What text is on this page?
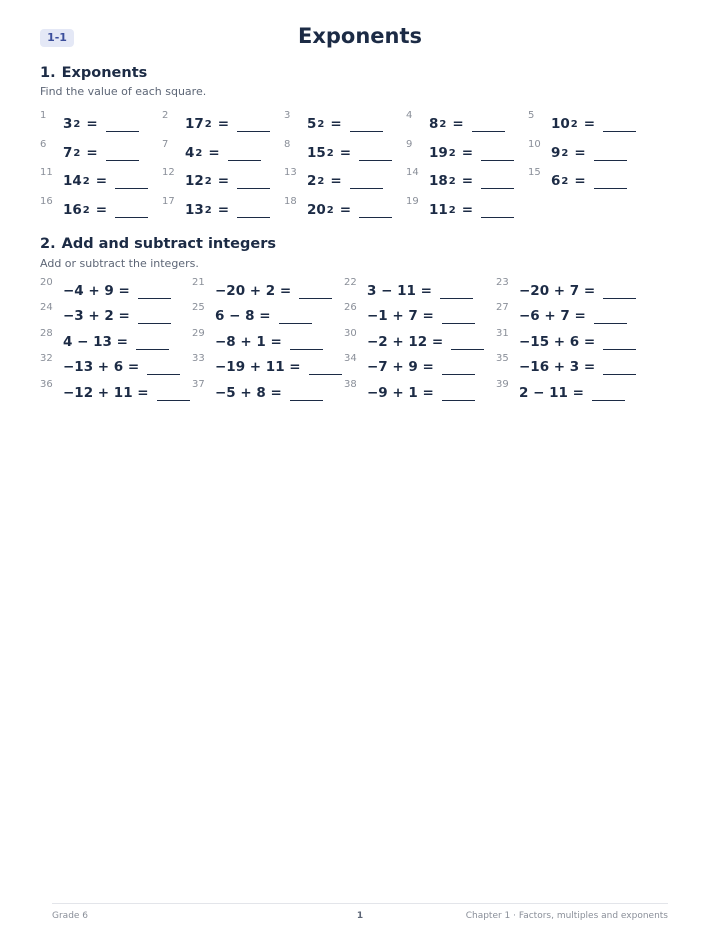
1-1	Exponents
1. Exponents
Find the value of each square.
1
$3^2$ =
2
$17^2$ =
3
$5^2$ =
4
$8^2$ =
5
$10^2$ =
6
$7^2$ =
7
$4^2$ =
8
$15^2$ =
9
$19^2$ =
10
$9^2$ =
11
$14^2$ =
12
$12^2$ =
13
$2^2$ =
14
$18^2$ =
15
$6^2$ =
16
$16^2$ =
17
$13^2$ =
18
$20^2$ =
19
$11^2$ =
2. Add and subtract integers
Add or subtract the integers.
20
−4 + 9 =
21
−20 + 2 =
22
3 − 11 =
23
−20 + 7 =
24
−3 + 2 =
25
6 − 8 =
26
−1 + 7 =
27
−6 + 7 =
28
4 − 13 =
29
−8 + 1 =
30
−2 + 12 =
31
−15 + 6 =
32
−13 + 6 =
33
−19 + 11 =
34
−7 + 9 =
35
−16 + 3 =
36
−12 + 11 =
37
−5 + 8 =
38
−9 + 1 =
39
2 − 11 =
Grade 6	1	Chapter 1 · Factors, multiples and exponents
